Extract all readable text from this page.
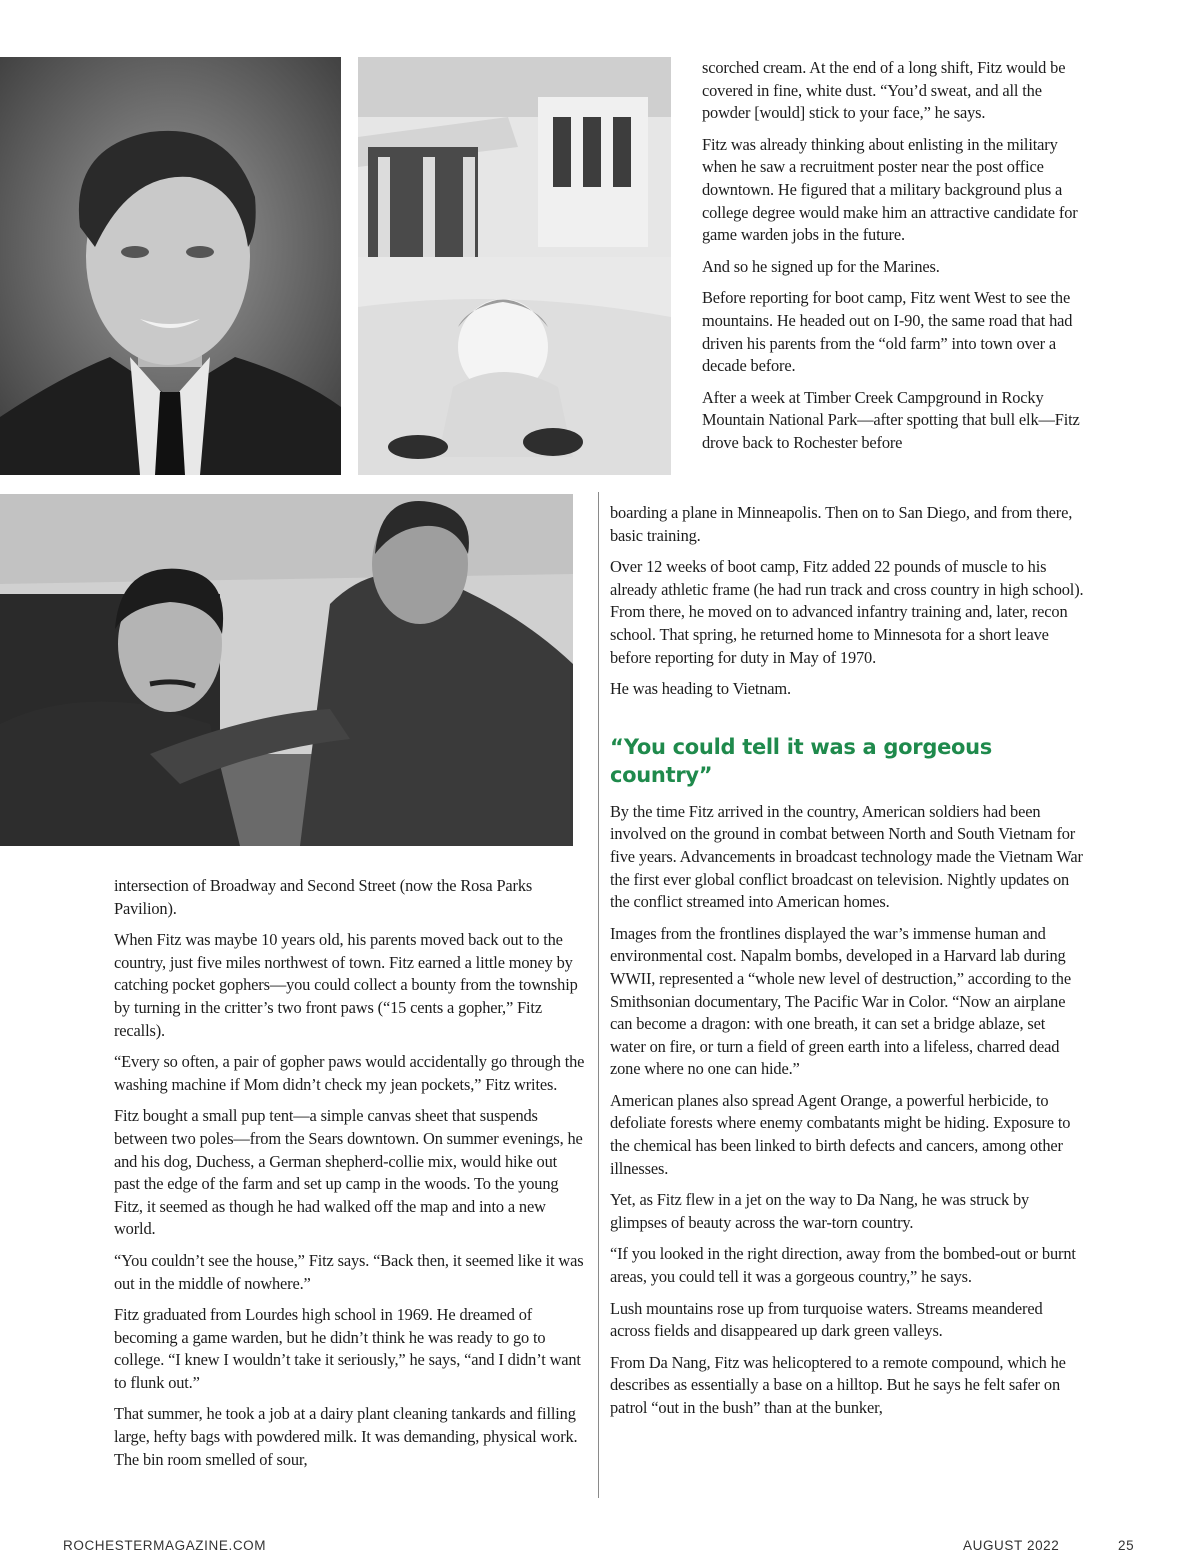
scorched cream. At the end of a long shift, Fitz would be covered in fine, white dust. “You’d sweat, and all the powder [would] stick to your face,” he says.

Fitz was already thinking about enlisting in the military when he saw a recruitment poster near the post office downtown. He figured that a military background plus a college degree would make him an attractive candidate for game warden jobs in the future.

And so he signed up for the Marines.

Before reporting for boot camp, Fitz went West to see the mountains. He headed out on I-90, the same road that had driven his parents from the “old farm” into town over a decade before.

After a week at Timber Creek Campground in Rocky Mountain National Park—after spotting that bull elk—Fitz drove back to Rochester before

boarding a plane in Minneapolis. Then on to San Diego, and from there, basic training.

Over 12 weeks of boot camp, Fitz added 22 pounds of muscle to his already athletic frame (he had run track and cross country in high school). From there, he moved on to advanced infantry training and, later, recon school. That spring, he returned home to Minnesota for a short leave before reporting for duty in May of 1970.

He was heading to Vietnam.

“You could tell it was a gorgeous country”

By the time Fitz arrived in the country, American soldiers had been involved on the ground in combat between North and South Vietnam for five years. Advancements in broadcast technology made the Vietnam War the first ever global conflict broadcast on television. Nightly updates on the conflict streamed into American homes.

Images from the frontlines displayed the war’s immense human and environmental cost. Napalm bombs, developed in a Harvard lab during WWII, represented a “whole new level of destruction,” according to the Smithsonian documentary, The Pacific War in Color. “Now an airplane can become a dragon: with one breath, it can set a bridge ablaze, set water on fire, or turn a field of green earth into a lifeless, charred dead zone where no one can hide.”

American planes also spread Agent Orange, a powerful herbicide, to defoliate forests where enemy combatants might be hiding. Exposure to the chemical has been linked to birth defects and cancers, among other illnesses.

Yet, as Fitz flew in a jet on the way to Da Nang, he was struck by glimpses of beauty across the war-torn country.

“If you looked in the right direction, away from the bombed-out or burnt areas, you could tell it was a gorgeous country,” he says.

Lush mountains rose up from turquoise waters. Streams meandered across fields and disappeared up dark green valleys.

From Da Nang, Fitz was helicoptered to a remote compound, which he describes as essentially a base on a hilltop. But he says he felt safer on patrol “out in the bush” than at the bunker,

intersection of Broadway and Second Street (now the Rosa Parks Pavilion).

When Fitz was maybe 10 years old, his parents moved back out to the country, just five miles northwest of town. Fitz earned a little money by catching pocket gophers—you could collect a bounty from the township by turning in the critter’s two front paws (“15 cents a gopher,” Fitz recalls).

“Every so often, a pair of gopher paws would accidentally go through the washing machine if Mom didn’t check my jean pockets,” Fitz writes.

Fitz bought a small pup tent—a simple canvas sheet that suspends between two poles—from the Sears downtown. On summer evenings, he and his dog, Duchess, a German shepherd-collie mix, would hike out past the edge of the farm and set up camp in the woods. To the young Fitz, it seemed as though he had walked off the map and into a new world.

“You couldn’t see the house,” Fitz says. “Back then, it seemed like it was out in the middle of nowhere.”

Fitz graduated from Lourdes high school in 1969. He dreamed of becoming a game warden, but he didn’t think he was ready to go to college. “I knew I wouldn’t take it seriously,” he says, “and I didn’t want to flunk out.”

That summer, he took a job at a dairy plant cleaning tankards and filling large, hefty bags with powdered milk. It was demanding, physical work. The bin room smelled of sour,

ROCHESTERMAGAZINE.COM	AUGUST 2022	25
